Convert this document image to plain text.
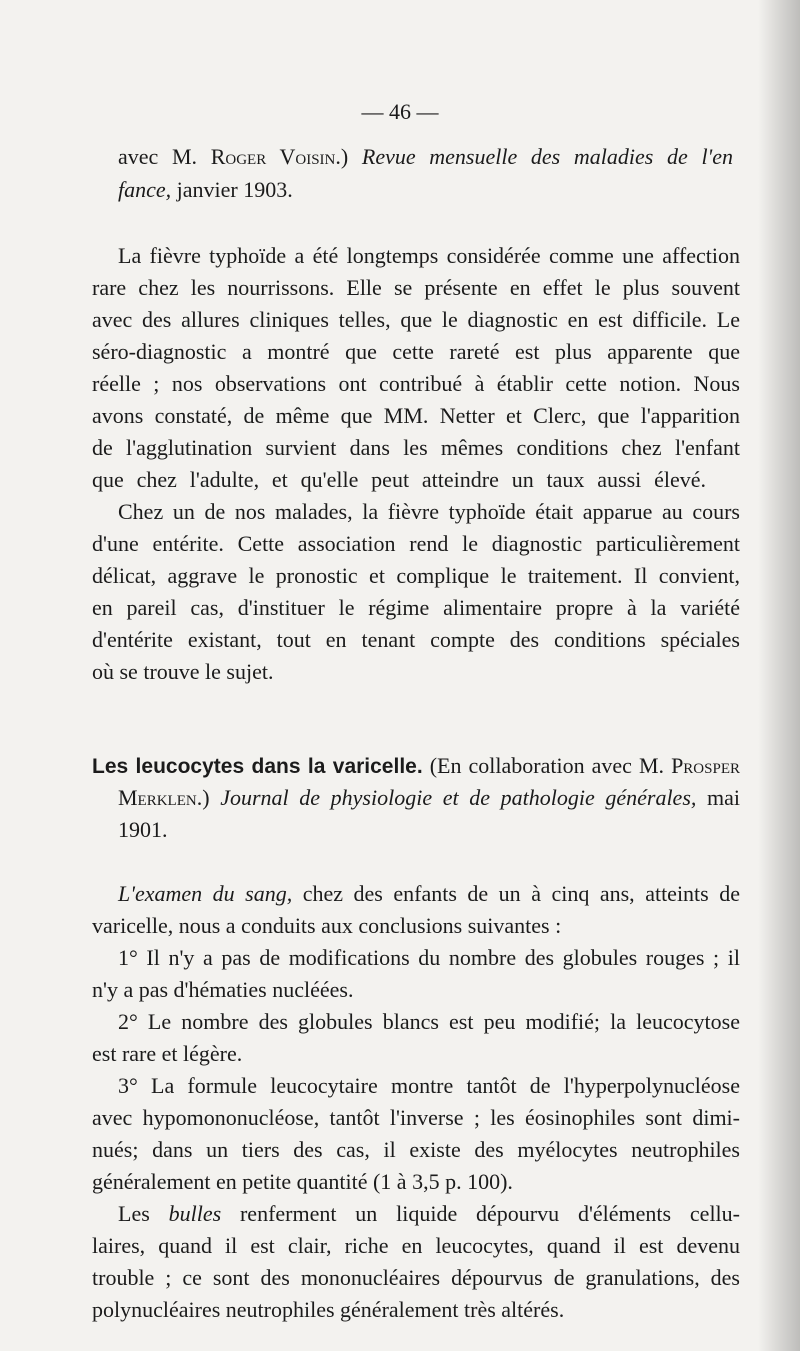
— 46 —
avec M. Roger Voisin.) Revue mensuelle des maladies de l'en
fance, janvier 1903.
La fièvre typhoïde a été longtemps considérée comme une affection
rare chez les nourrissons. Elle se présente en effet le plus souvent
avec des allures cliniques telles, que le diagnostic en est difficile. Le
séro-diagnostic a montré que cette rareté est plus apparente que
réelle ; nos observations ont contribué à établir cette notion. Nous
avons constaté, de même que MM. Netter et Clerc, que l'apparition
de l'agglutination survient dans les mêmes conditions chez l'enfant
que chez l'adulte, et qu'elle peut atteindre un taux aussi élevé.
Chez un de nos malades, la fièvre typhoïde était apparue au cours
d'une entérite. Cette association rend le diagnostic particulièrement
délicat, aggrave le pronostic et complique le traitement. Il convient,
en pareil cas, d'instituer le régime alimentaire propre à la variété
d'entérite existant, tout en tenant compte des conditions spéciales
où se trouve le sujet.
Les leucocytes dans la varicelle. (En collaboration avec M. Prosper
Merklen.) Journal de physiologie et de pathologie générales, mai
1901.
L'examen du sang, chez des enfants de un à cinq ans, atteints de
varicelle, nous a conduits aux conclusions suivantes :
1° Il n'y a pas de modifications du nombre des globules rouges ; il
n'y a pas d'hématies nucléées.
2° Le nombre des globules blancs est peu modifié; la leucocytose
est rare et légère.
3° La formule leucocytaire montre tantôt de l'hyperpolynucléose
avec hypomononucléose, tantôt l'inverse ; les éosinophiles sont dimi-
nués; dans un tiers des cas, il existe des myélocytes neutrophiles
généralement en petite quantité (1 à 3,5 p. 100).
Les bulles renferment un liquide dépourvu d'éléments cellu-
laires, quand il est clair, riche en leucocytes, quand il est devenu
trouble ; ce sont des mononucléaires dépourvus de granulations, des
polynucléaires neutrophiles généralement très altérés.
